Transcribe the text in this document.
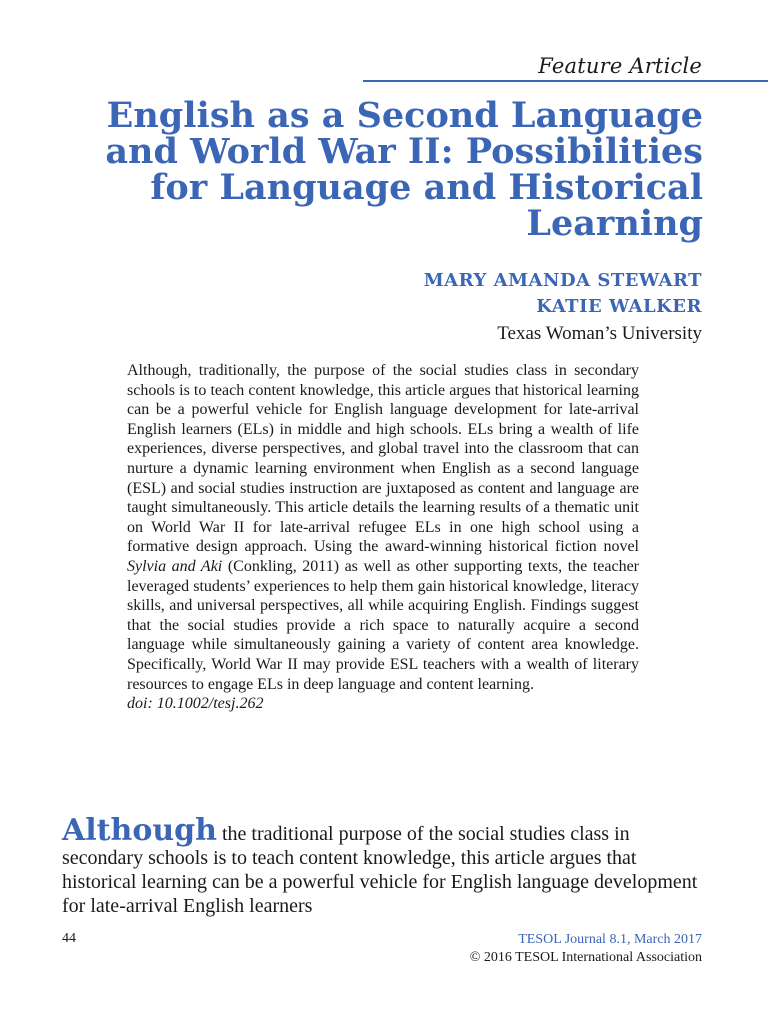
Feature Article
English as a Second Language and World War II: Possibilities for Language and Historical Learning
MARY AMANDA STEWART
KATIE WALKER
Texas Woman’s University
Although, traditionally, the purpose of the social studies class in secondary schools is to teach content knowledge, this article argues that historical learning can be a powerful vehicle for English language development for late-arrival English learners (ELs) in middle and high schools. ELs bring a wealth of life experiences, diverse perspectives, and global travel into the classroom that can nurture a dynamic learning environment when English as a second language (ESL) and social studies instruction are juxtaposed as content and language are taught simultaneously. This article details the learning results of a thematic unit on World War II for late-arrival refugee ELs in one high school using a formative design approach. Using the award-winning historical fiction novel Sylvia and Aki (Conkling, 2011) as well as other supporting texts, the teacher leveraged students’ experiences to help them gain historical knowledge, literacy skills, and universal perspectives, all while acquiring English. Findings suggest that the social studies provide a rich space to naturally acquire a second language while simultaneously gaining a variety of content area knowledge. Specifically, World War II may provide ESL teachers with a wealth of literary resources to engage ELs in deep language and content learning.
doi: 10.1002/tesj.262
Although the traditional purpose of the social studies class in secondary schools is to teach content knowledge, this article argues that historical learning can be a powerful vehicle for English language development for late-arrival English learners
44	TESOL Journal 8.1, March 2017
© 2016 TESOL International Association
